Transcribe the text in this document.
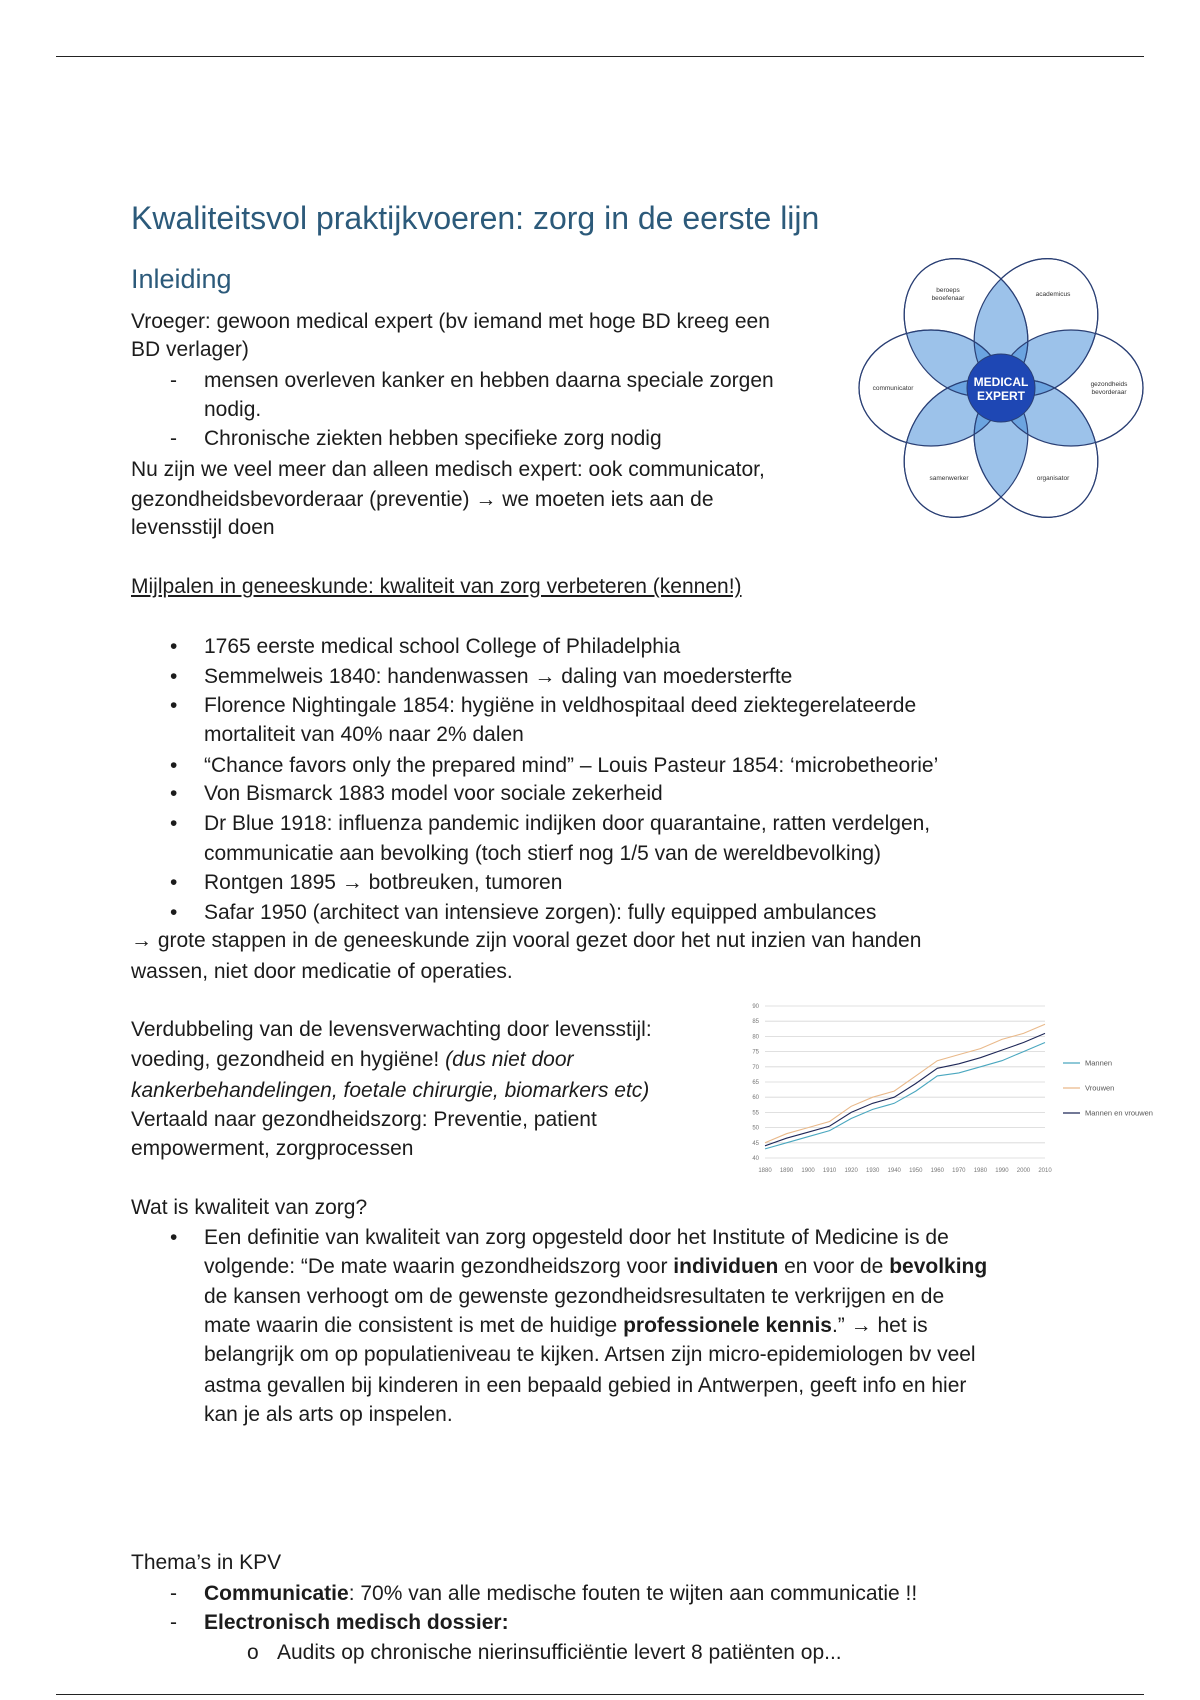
Kwaliteitsvol praktijkvoeren: zorg in de eerste lijn
Inleiding
Vroeger: gewoon medical expert (bv iemand met hoge BD kreeg een
BD verlager)
- mensen overleven kanker en hebben daarna speciale zorgen
nodig.
- Chronische ziekten hebben specifieke zorg nodig
Nu zijn we veel meer dan alleen medisch expert: ook communicator,
gezondheidsbevorderaar (preventie) → we moeten iets aan de
levensstijl doen
MEDICAL
EXPERT
gezondheids
bevorderaar
academicus
beroeps
beoefenaar
communicator
samenwerker	organisator
Mijlpalen in geneeskunde: kwaliteit van zorg verbeteren (kennen!)
• 1765 eerste medical school College of Philadelphia
• Semmelweis 1840: handenwassen → daling van moedersterfte
• Florence Nightingale 1854: hygiëne in veldhospitaal deed ziektegerelateerde
mortaliteit van 40% naar 2% dalen
• “Chance favors only the prepared mind” – Louis Pasteur 1854: ‘microbetheorie’
• Von Bismarck 1883 model voor sociale zekerheid
• Dr Blue 1918: influenza pandemic indijken door quarantaine, ratten verdelgen,
communicatie aan bevolking (toch stierf nog 1/5 van de wereldbevolking)
• Rontgen 1895 → botbreuken, tumoren
• Safar 1950 (architect van intensieve zorgen): fully equipped ambulances
→ grote stappen in de geneeskunde zijn vooral gezet door het nut inzien van handen
wassen, niet door medicatie of operaties.
Verdubbeling van de levensverwachting door levensstijl:
voeding, gezondheid en hygiëne! (dus niet door
kankerbehandelingen, foetale chirurgie, biomarkers etc)
Vertaald naar gezondheidszorg: Preventie, patient
empowerment, zorgprocessen
90
85
80
75
70
65
60
55
50
45
40
1880 1890 1900 1910 1920 1930 1940 1950 1960 1970 1980 1990 2000 2010
Mannen
Vrouwen
Mannen en vrouwen
Wat is kwaliteit van zorg?
• Een definitie van kwaliteit van zorg opgesteld door het Institute of Medicine is de
volgende: “De mate waarin gezondheidszorg voor individuen en voor de bevolking
de kansen verhoogt om de gewenste gezondheidsresultaten te verkrijgen en de
mate waarin die consistent is met de huidige professionele kennis.” → het is
belangrijk om op populatieniveau te kijken. Artsen zijn micro-epidemiologen bv veel
astma gevallen bij kinderen in een bepaald gebied in Antwerpen, geeft info en hier
kan je als arts op inspelen.
Thema’s in KPV
- Communicatie: 70% van alle medische fouten te wijten aan communicatie !!
- Electronisch medisch dossier:
o Audits op chronische nierinsufficiëntie levert 8 patiënten op...
